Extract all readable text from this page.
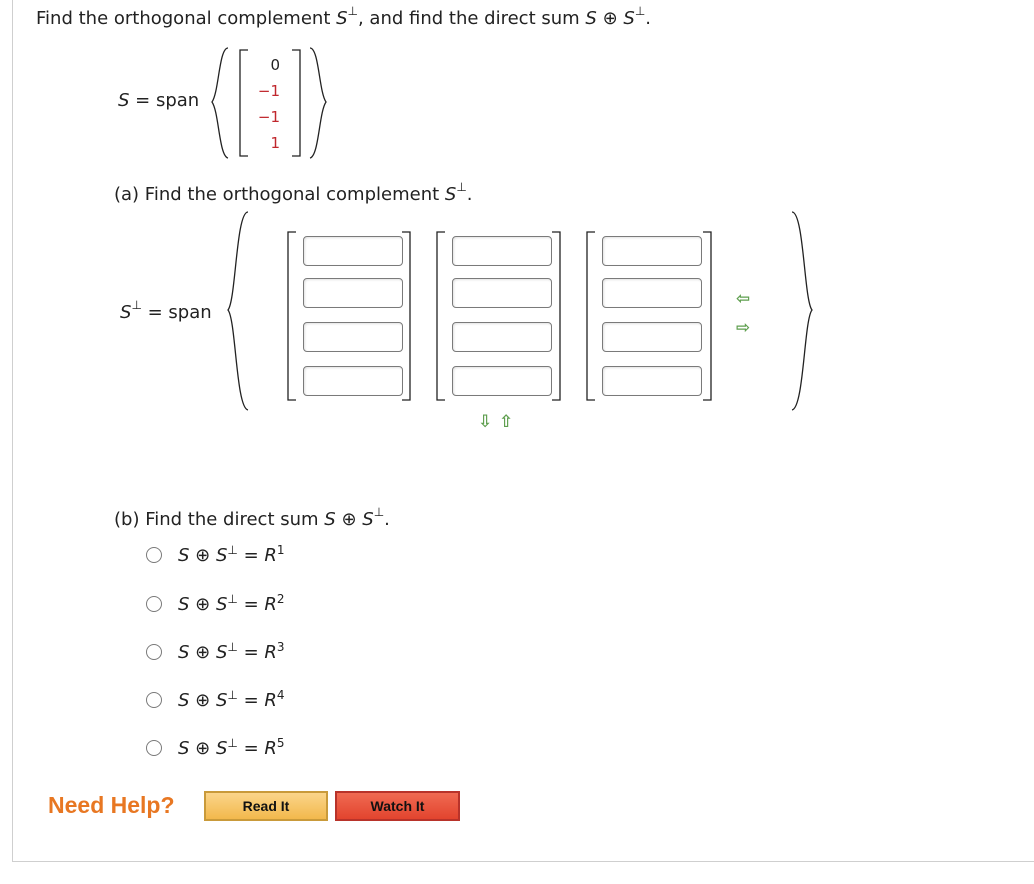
Find the orthogonal complement S⊥, and find the direct sum S ⊕ S⊥.
S = span
0
−1
−1
1
(a) Find the orthogonal complement S⊥.
S⊥ = span
⇦
⇨
⇩ ⇧
(b) Find the direct sum S ⊕ S⊥.
S ⊕ $S^\perp = R^1$
S ⊕ $S^\perp = R^2$
S ⊕ $S^\perp = R^3$
S ⊕ $S^\perp = R^4$
S ⊕ $S^\perp = R^5$
Need Help?	Read It	Watch It
